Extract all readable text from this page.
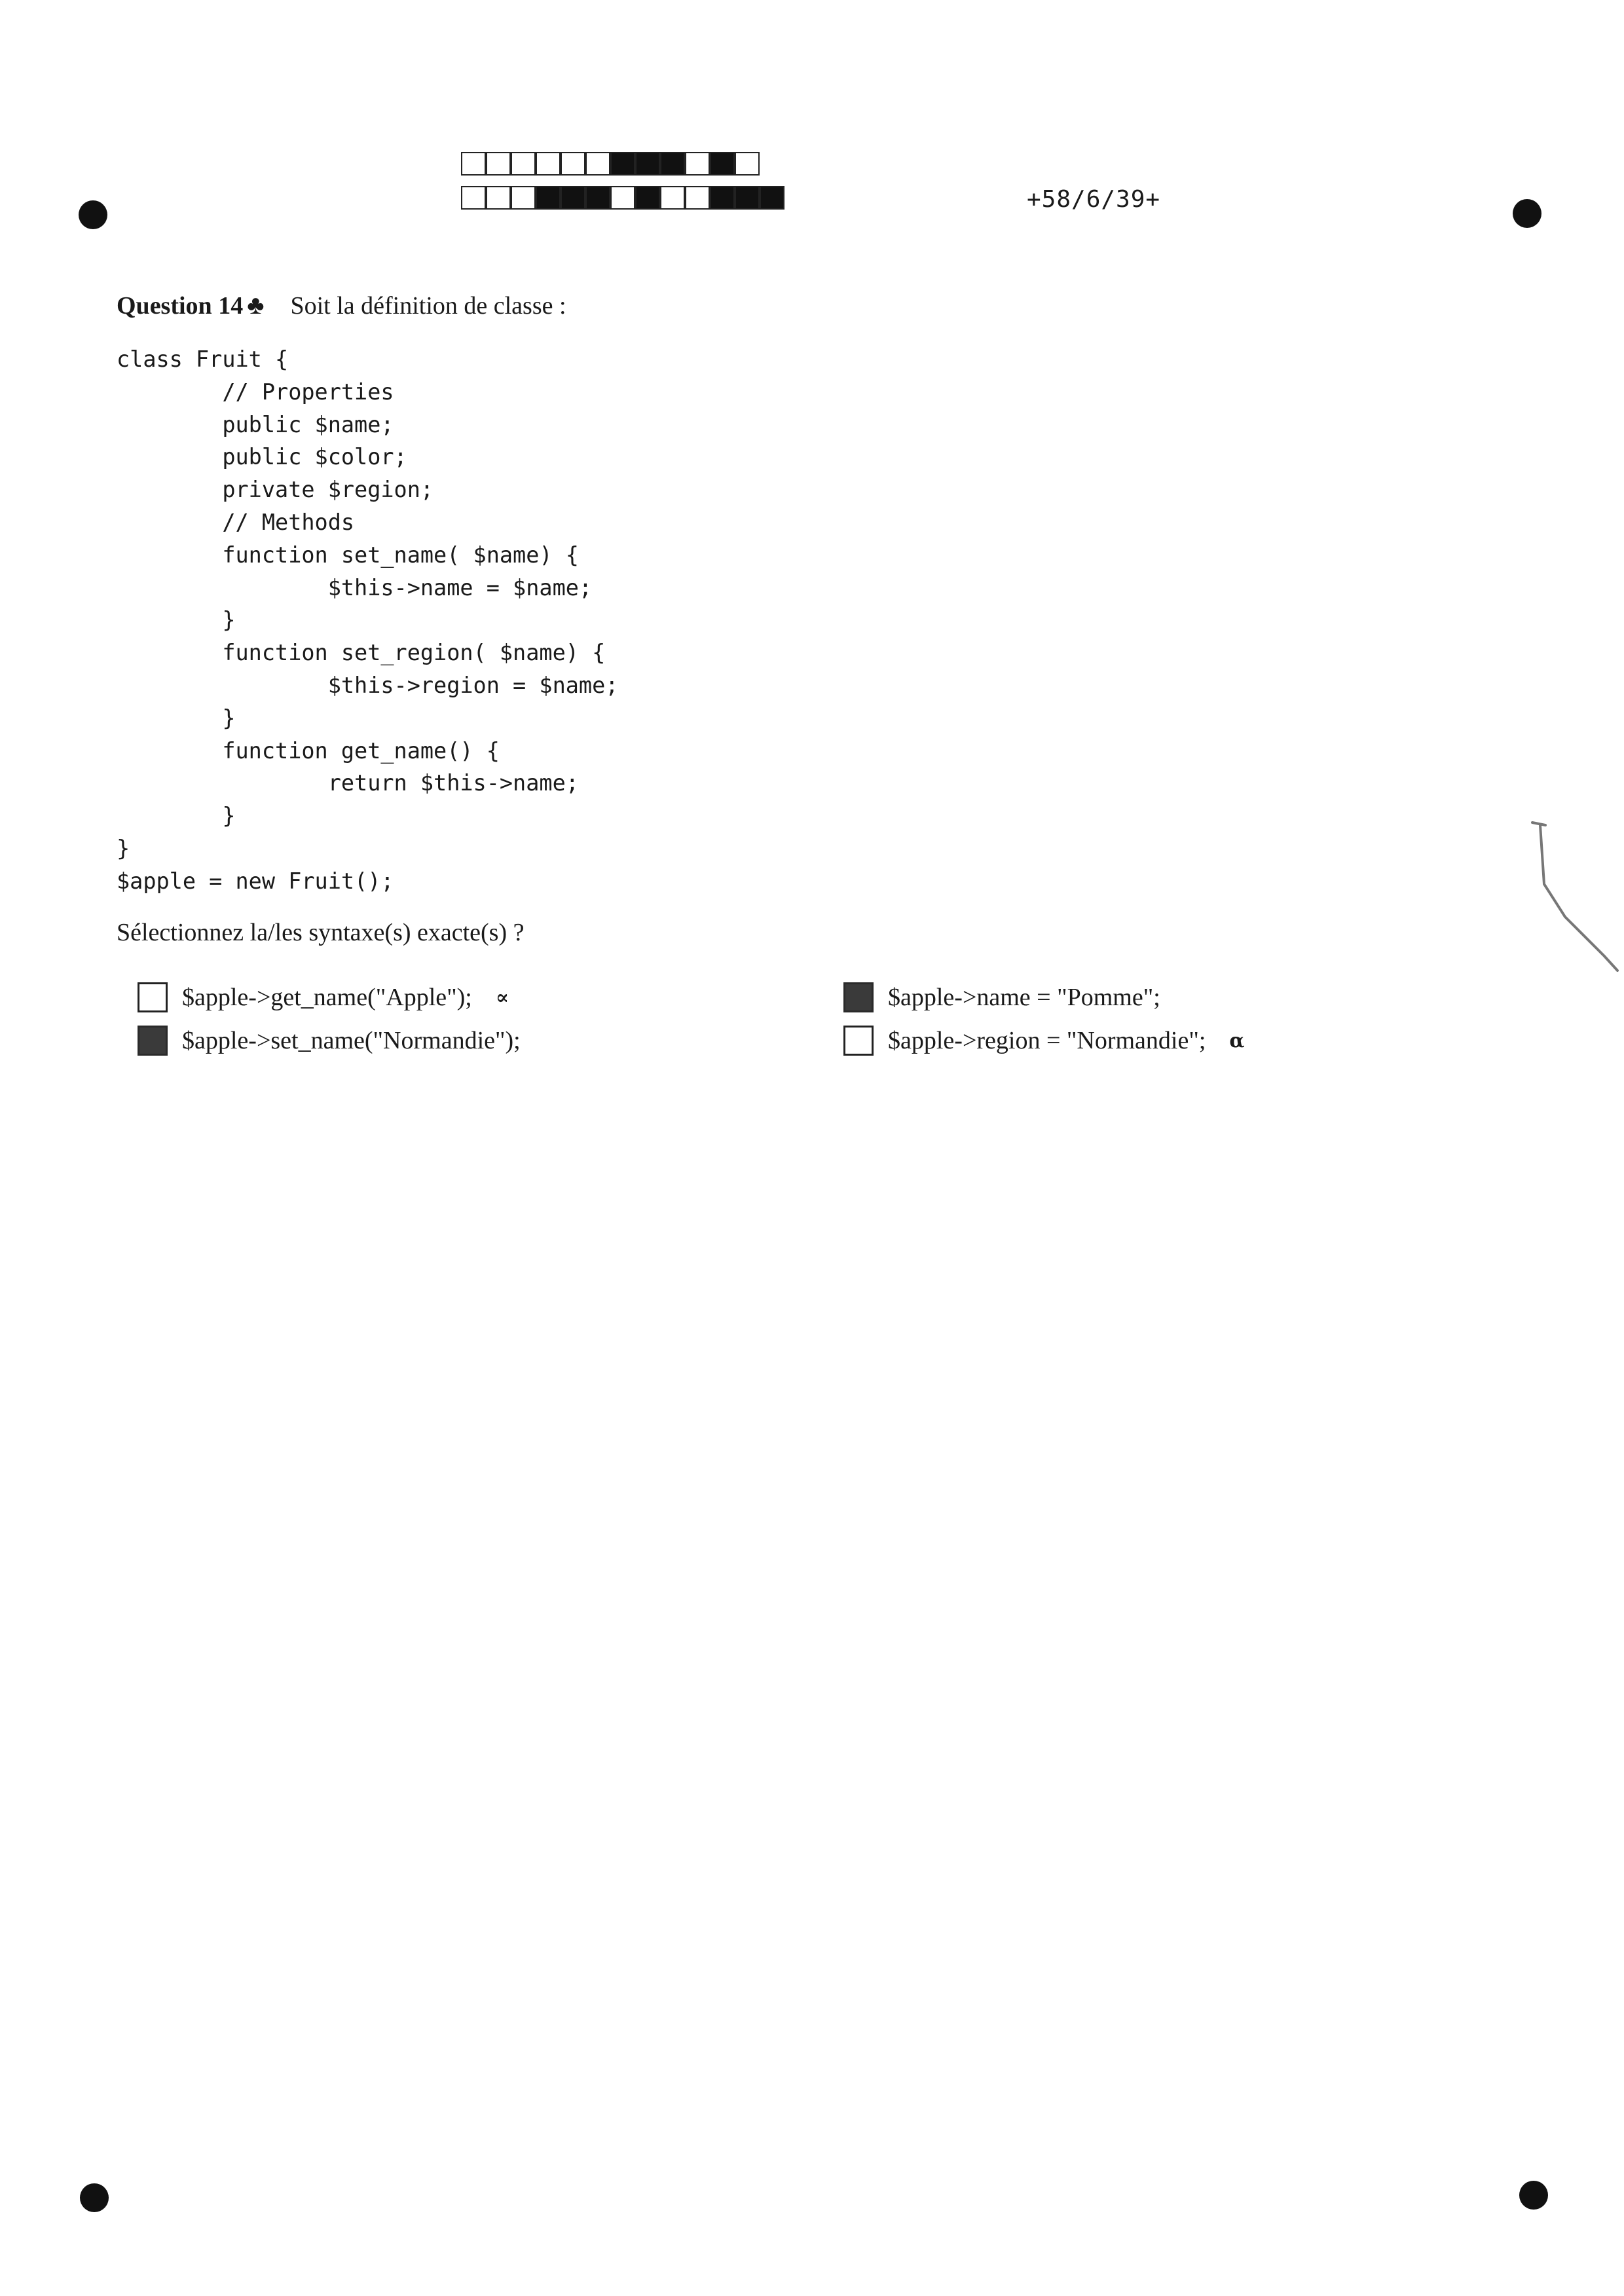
+58/6/39+
Question 14 ♣ Soit la définition de classe :
class Fruit {
// Properties
public $name;
public $color;
private $region;
// Methods
function set_name( $name) {
$this->name = $name;
}
function set_region( $name) {
$this->region = $name;
}
function get_name() {
return $this->name;
}
}
$apple = new Fruit();
Sélectionnez la/les syntaxe(s) exacte(s) ?
$apple->get_name("Apple"); ∝
$apple->set_name("Normandie");
$apple->name = "Pomme";
$apple->region = "Normandie"; α
